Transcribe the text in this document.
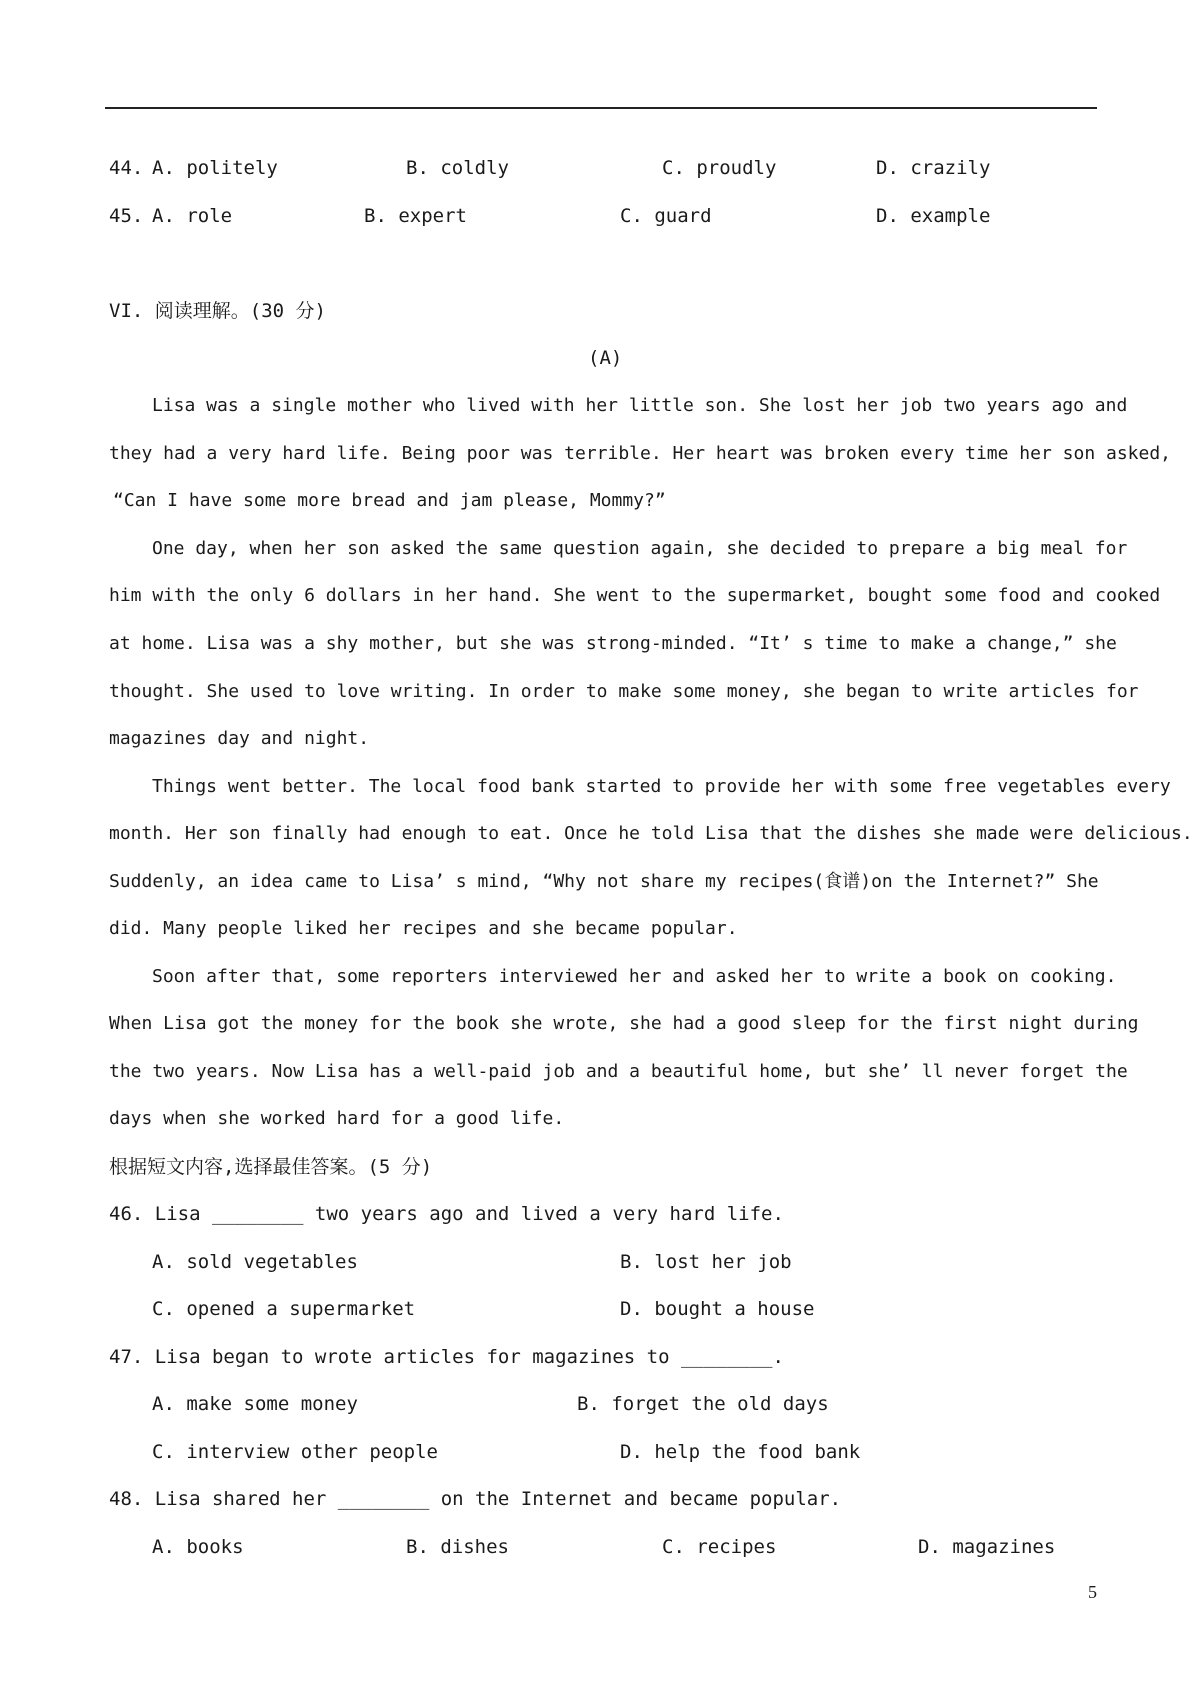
44. A. politely	B. coldly	C. proudly	D. crazily
45. A. role	B. expert	C. guard	D. example
VI. 阅读理解。(30 分)
(A)
Lisa was a single mother who lived with her little son. She lost her job two years ago and
they had a very hard life. Being poor was terrible. Her heart was broken every time her son asked,
“Can I have some more bread and jam please, Mommy?”
One day, when her son asked the same question again, she decided to prepare a big meal for
him with the only 6 dollars in her hand. She went to the supermarket, bought some food and cooked
at home. Lisa was a shy mother, but she was strong-minded. “It’ s time to make a change,” she
thought. She used to love writing. In order to make some money, she began to write articles for
magazines day and night.
Things went better. The local food bank started to provide her with some free vegetables every
month. Her son finally had enough to eat. Once he told Lisa that the dishes she made were delicious.
Suddenly, an idea came to Lisa’ s mind, “Why not share my recipes(食谱)on the Internet?” She
did. Many people liked her recipes and she became popular.
Soon after that, some reporters interviewed her and asked her to write a book on cooking.
When Lisa got the money for the book she wrote, she had a good sleep for the first night during
the two years. Now Lisa has a well-paid job and a beautiful home, but she’ ll never forget the
days when she worked hard for a good life.
根据短文内容,选择最佳答案。(5 分)
46. Lisa ________ two years ago and lived a very hard life.
A. sold vegetables	B. lost her job
C. opened a supermarket	D. bought a house
47. Lisa began to wrote articles for magazines to ________.
A. make some money	B. forget the old days
C. interview other people	D. help the food bank
48. Lisa shared her ________ on the Internet and became popular.
A. books	B. dishes	C. recipes	D. magazines
5
